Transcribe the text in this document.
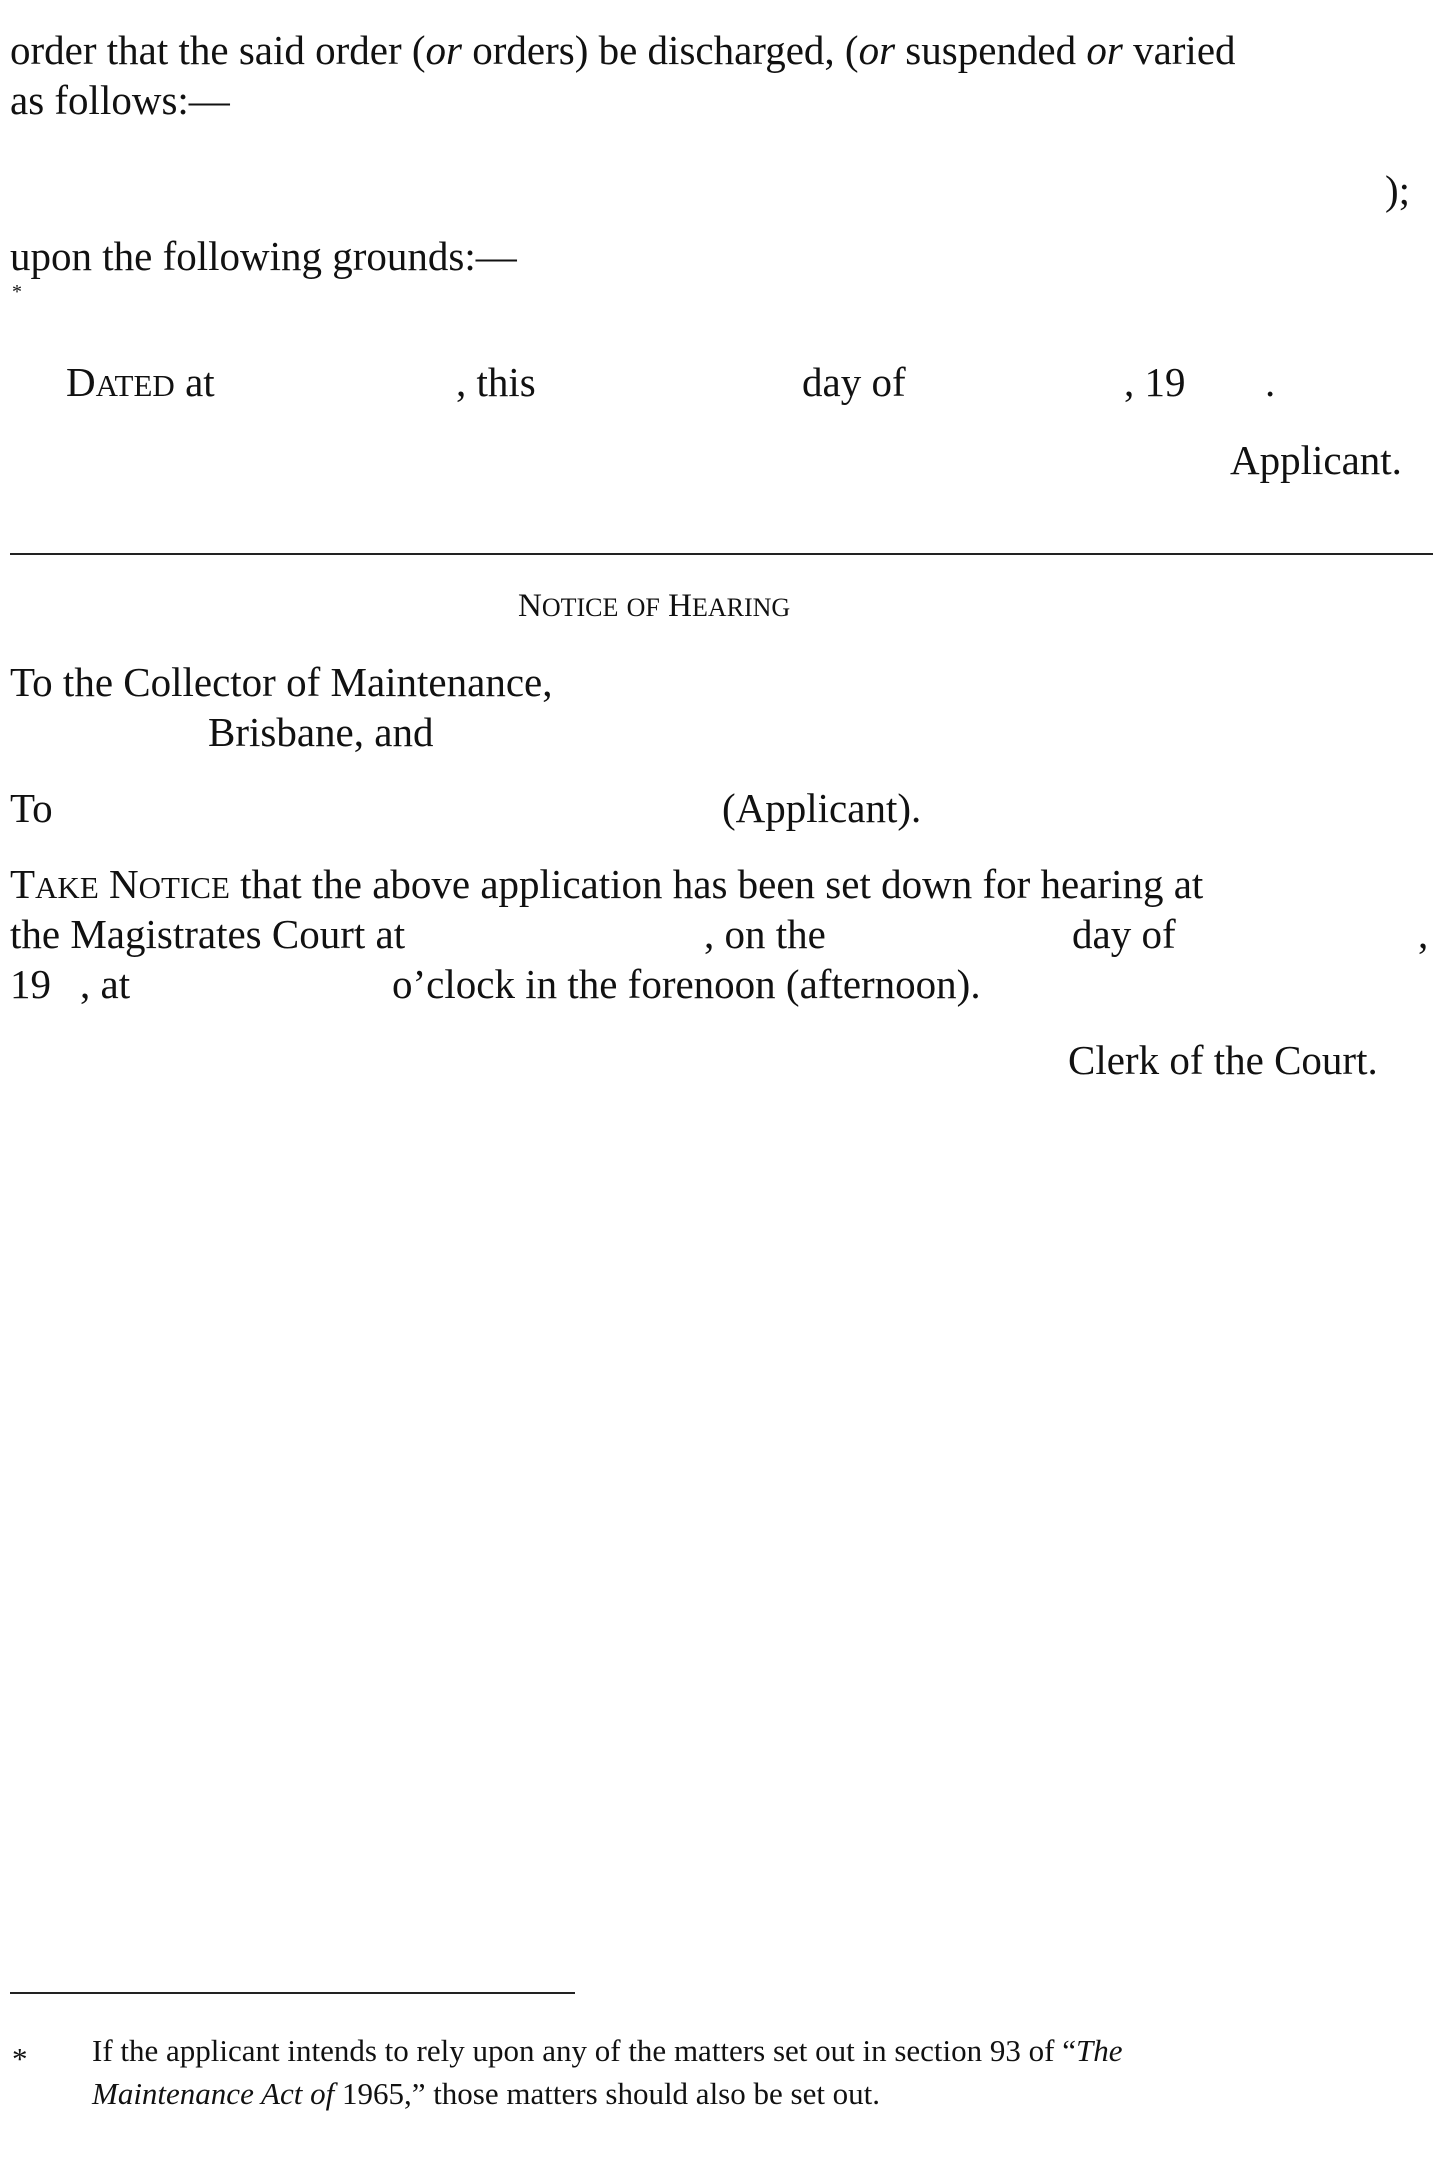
order that the said order (or orders) be discharged, (or suspended or varied
as follows:—
);
upon the following grounds:—
*
DATED at	, this	day of	, 19 .
Applicant.
NOTICE OF HEARING
To the Collector of Maintenance,
Brisbane, and
To	(Applicant).
TAKE NOTICE that the above application has been set down for hearing at
the Magistrates Court at	, on the	day of	,
19 , at	o’clock in the forenoon (afternoon).
Clerk of the Court.
* If the applicant intends to rely upon any of the matters set out in section 93 of “The
Maintenance Act of 1965,” those matters should also be set out.
